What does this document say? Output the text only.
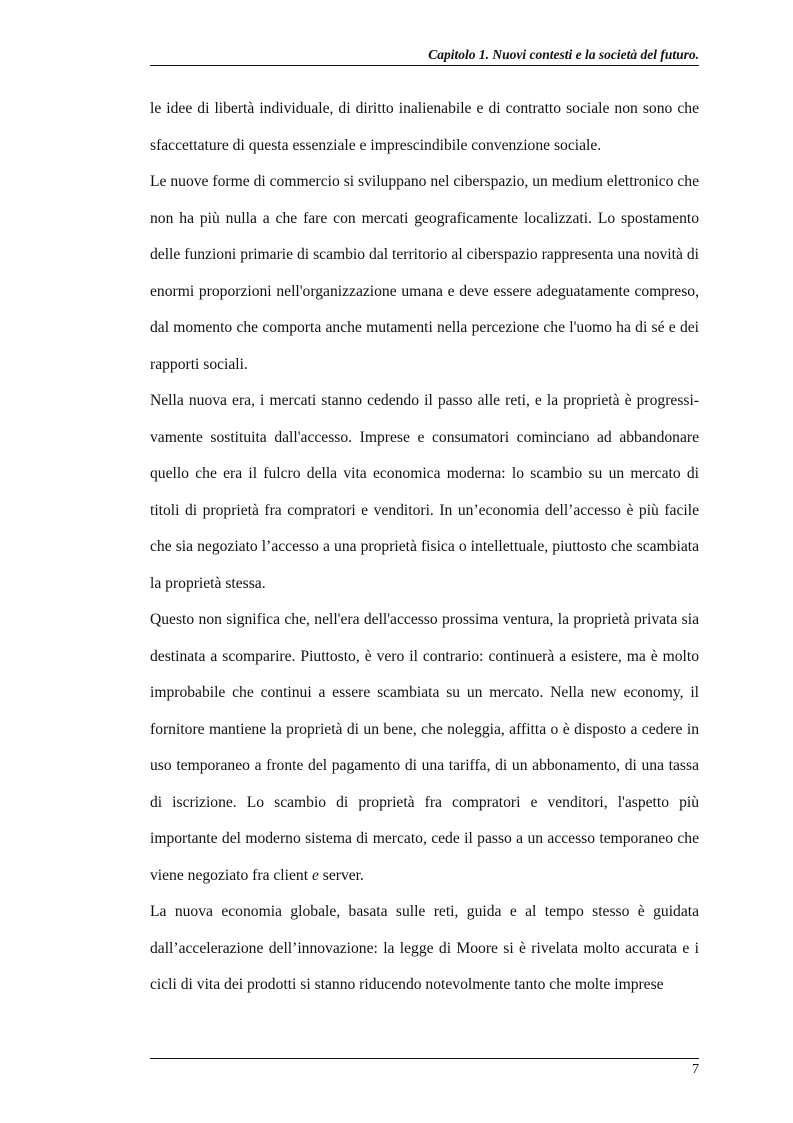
Capitolo 1. Nuovi contesti e la società del futuro.

le idee di libertà individuale, di diritto inalienabile e di contratto sociale non sono che sfaccettature di questa essenziale e imprescindibile convenzione sociale.

Le nuove forme di commercio si sviluppano nel ciberspazio, un medium elettronico che non ha più nulla a che fare con mercati geograficamente localizzati. Lo spostamento delle funzioni primarie di scambio dal territorio al ciberspazio rappresenta una novità di enormi proporzioni nell'organizzazione umana e deve essere adeguatamente compreso, dal momento che comporta anche mutamenti nella percezione che l'uomo ha di sé e dei rapporti sociali.

Nella nuova era, i mercati stanno cedendo il passo alle reti, e la proprietà è progressivamente sostituita dall'accesso. Imprese e consumatori cominciano ad abbandonare quello che era il fulcro della vita economica moderna: lo scambio su un mercato di titoli di proprietà fra compratori e venditori. In un’economia dell’accesso è più facile che sia negoziato l’accesso a una proprietà fisica o intellettuale, piuttosto che scambiata la proprietà stessa.

Questo non significa che, nell'era dell'accesso prossima ventura, la proprietà privata sia destinata a scomparire. Piuttosto, è vero il contrario: continuerà a esistere, ma è molto improbabile che continui a essere scambiata su un mercato. Nella new economy, il fornitore mantiene la proprietà di un bene, che noleggia, affitta o è disposto a cedere in uso temporaneo a fronte del pagamento di una tariffa, di un abbonamento, di una tassa di iscrizione. Lo scambio di proprietà fra compratori e venditori, l'aspetto più importante del moderno sistema di mercato, cede il passo a un accesso temporaneo che viene negoziato fra client e server.

La nuova economia globale, basata sulle reti, guida e al tempo stesso è guidata dall’accelerazione dell’innovazione: la legge di Moore si è rivelata molto accurata e i cicli di vita dei prodotti si stanno riducendo notevolmente tanto che molte imprese

7
